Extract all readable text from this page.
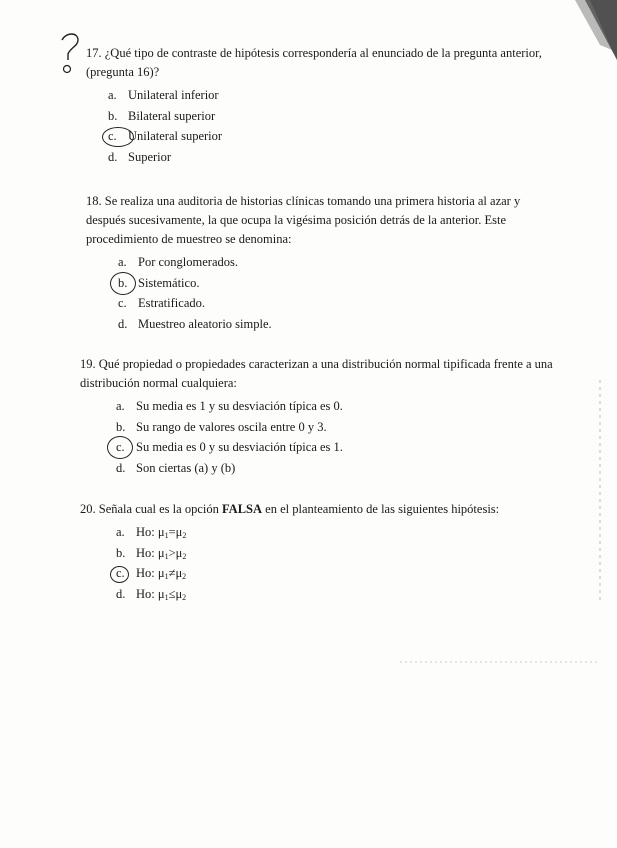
17. ¿Qué tipo de contraste de hipótesis correspondería al enunciado de la pregunta anterior, (pregunta 16)?
a. Unilateral inferior
b. Bilateral superior
c. Unilateral superior
d. Superior
18. Se realiza una auditoria de historias clínicas tomando una primera historia al azar y después sucesivamente, la que ocupa la vigésima posición detrás de la anterior. Este procedimiento de muestreo se denomina:
a. Por conglomerados.
b. Sistemático.
c. Estratificado.
d. Muestreo aleatorio simple.
19. Qué propiedad o propiedades caracterizan a una distribución normal tipificada frente a una distribución normal cualquiera:
a. Su media es 1 y su desviación típica es 0.
b. Su rango de valores oscila entre 0 y 3.
c. Su media es 0 y su desviación típica es 1.
d. Son ciertas (a) y (b)
20. Señala cual es la opción FALSA en el planteamiento de las siguientes hipótesis:
a. Ho: $\mu_1=\mu_2$
b. Ho: $\mu_1>\mu_2$
c. Ho: $\mu_1\ne\mu_2$
d. Ho: $\mu_1\le\mu_2$
